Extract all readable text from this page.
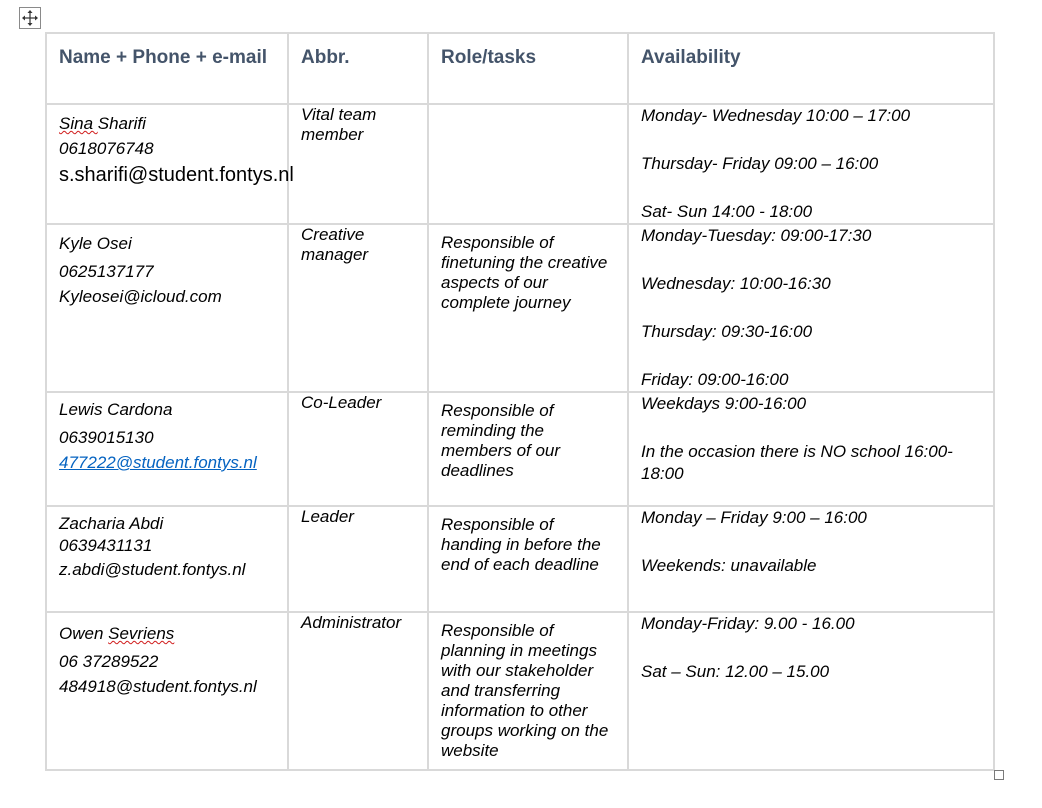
Name + Phone + e-mail	Abbr.	Role/tasks	Availability

Sina Sharifi
0618076748
s.sharifi@student.fontys.nl	Vital team member		Monday- Wednesday 10:00 – 17:00
Thursday- Friday 09:00 – 16:00
Sat- Sun 14:00 - 18:00

Kyle Osei
0625137177
Kyleosei@icloud.com	Creative manager	Responsible of finetuning the creative aspects of our complete journey	Monday-Tuesday: 09:00-17:30
Wednesday: 10:00-16:30
Thursday: 09:30-16:00
Friday: 09:00-16:00

Lewis Cardona
0639015130
477222@student.fontys.nl	Co-Leader	Responsible of reminding the members of our deadlines	Weekdays 9:00-16:00
In the occasion there is NO school 16:00-18:00

Zacharia Abdi
0639431131
z.abdi@student.fontys.nl	Leader	Responsible of handing in before the end of each deadline	Monday – Friday 9:00 – 16:00
Weekends: unavailable

Owen Sevriens
06 37289522
484918@student.fontys.nl	Administrator	Responsible of planning in meetings with our stakeholder and transferring information to other groups working on the website	Monday-Friday: 9.00 - 16.00
Sat – Sun: 12.00 – 15.00
